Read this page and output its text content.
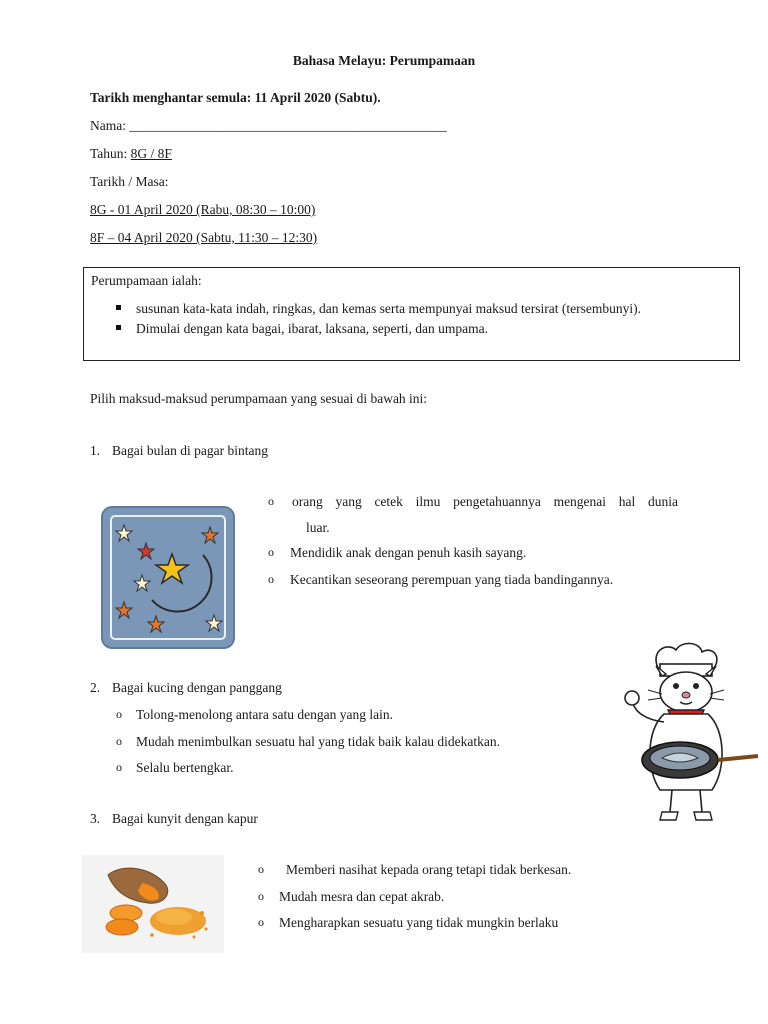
Bahasa Melayu: Perumpamaan
Tarikh menghantar semula: 11 April 2020 (Sabtu).
Nama: _______________________________________________
Tahun: 8G / 8F
Tarikh / Masa:
8G - 01 April 2020 (Rabu, 08:30 – 10:00)
8F – 04 April 2020 (Sabtu, 11:30 – 12:30)
Perumpamaan ialah:
susunan kata-kata indah, ringkas, dan kemas serta mempunyai maksud tersirat (tersembunyi).
Dimulai dengan kata bagai, ibarat, laksana, seperti, dan umpama.
Pilih maksud-maksud perumpamaan yang sesuai di bawah ini:
1. Bagai bulan di pagar bintang
o orang yang cetek ilmu pengetahuannya mengenai hal dunia
luar.
o Mendidik anak dengan penuh kasih sayang.
o Kecantikan seseorang perempuan yang tiada bandingannya.
2. Bagai kucing dengan panggang
o Tolong-menolong antara satu dengan yang lain.
o Mudah menimbulkan sesuatu hal yang tidak baik kalau didekatkan.
o Selalu bertengkar.
3. Bagai kunyit dengan kapur
o Memberi nasihat kepada orang tetapi tidak berkesan.
o Mudah mesra dan cepat akrab.
o Mengharapkan sesuatu yang tidak mungkin berlaku
